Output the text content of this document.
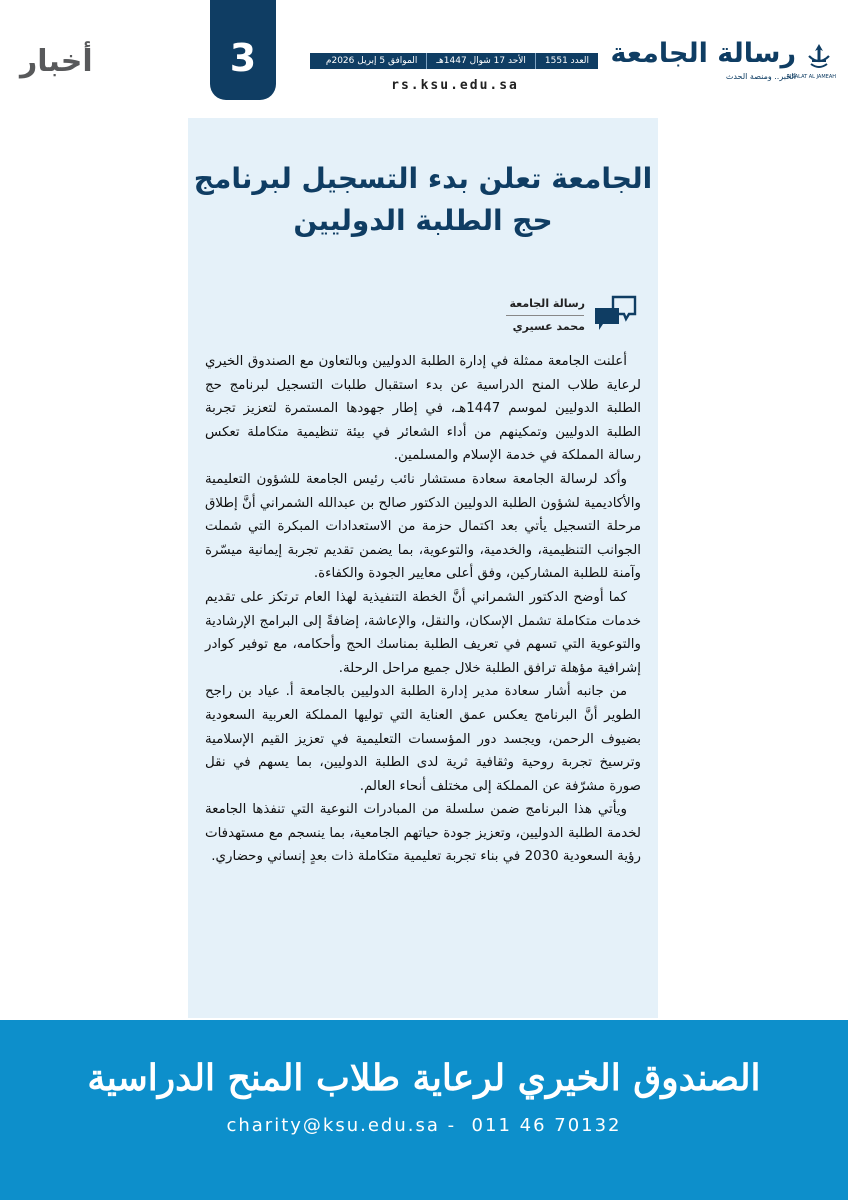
أخبار	3	العدد 1551
الأحد 17 شوال 1447هـ
الموافق 5 إبريل 2026م
rs.ksu.edu.sa
رسالة الجامعة
الخبر.. ومنصة الحدث
RISALAT AL JAMEAH
الجامعة تعلن بدء التسجيل لبرنامج حج الطلبة الدوليين
رسالة الجامعة
محمد عسيري

أعلنت الجامعة ممثلة في إدارة الطلبة الدوليين وبالتعاون مع الصندوق الخيري لرعاية طلاب المنح الدراسية عن بدء استقبال طلبات التسجيل لبرنامج حج الطلبة الدوليين لموسم 1447هـ، في إطار جهودها المستمرة لتعزيز تجربة الطلبة الدوليين وتمكينهم من أداء الشعائر في بيئة تنظيمية متكاملة تعكس رسالة المملكة في خدمة الإسلام والمسلمين.

وأكد لرسالة الجامعة سعادة مستشار نائب رئيس الجامعة للشؤون التعليمية والأكاديمية لشؤون الطلبة الدوليين الدكتور صالح بن عبدالله الشمراني أنَّ إطلاق مرحلة التسجيل يأتي بعد اكتمال حزمة من الاستعدادات المبكرة التي شملت الجوانب التنظيمية، والخدمية، والتوعوية، بما يضمن تقديم تجربة إيمانية ميسّرة وآمنة للطلبة المشاركين، وفق أعلى معايير الجودة والكفاءة.

كما أوضح الدكتور الشمراني أنَّ الخطة التنفيذية لهذا العام ترتكز على تقديم خدمات متكاملة تشمل الإسكان، والنقل، والإعاشة، إضافةً إلى البرامج الإرشادية والتوعوية التي تسهم في تعريف الطلبة بمناسك الحج وأحكامه، مع توفير كوادر إشرافية مؤهلة ترافق الطلبة خلال جميع مراحل الرحلة.

من جانبه أشار سعادة مدير إدارة الطلبة الدوليين بالجامعة أ. عياد بن راجح الطوير أنَّ البرنامج يعكس عمق العناية التي توليها المملكة العربية السعودية بضيوف الرحمن، ويجسد دور المؤسسات التعليمية في تعزيز القيم الإسلامية وترسيخ تجربة روحية وثقافية ثرية لدى الطلبة الدوليين، بما يسهم في نقل صورة مشرّفة عن المملكة إلى مختلف أنحاء العالم.

ويأتي هذا البرنامج ضمن سلسلة من المبادرات النوعية التي تنفذها الجامعة لخدمة الطلبة الدوليين، وتعزيز جودة حياتهم الجامعية، بما ينسجم مع مستهدفات رؤية السعودية 2030 في بناء تجربة تعليمية متكاملة ذات بعدٍ إنساني وحضاري.

الصندوق الخيري لرعاية طلاب المنح الدراسية
charity@ksu.edu.sa -  011 46 70132
